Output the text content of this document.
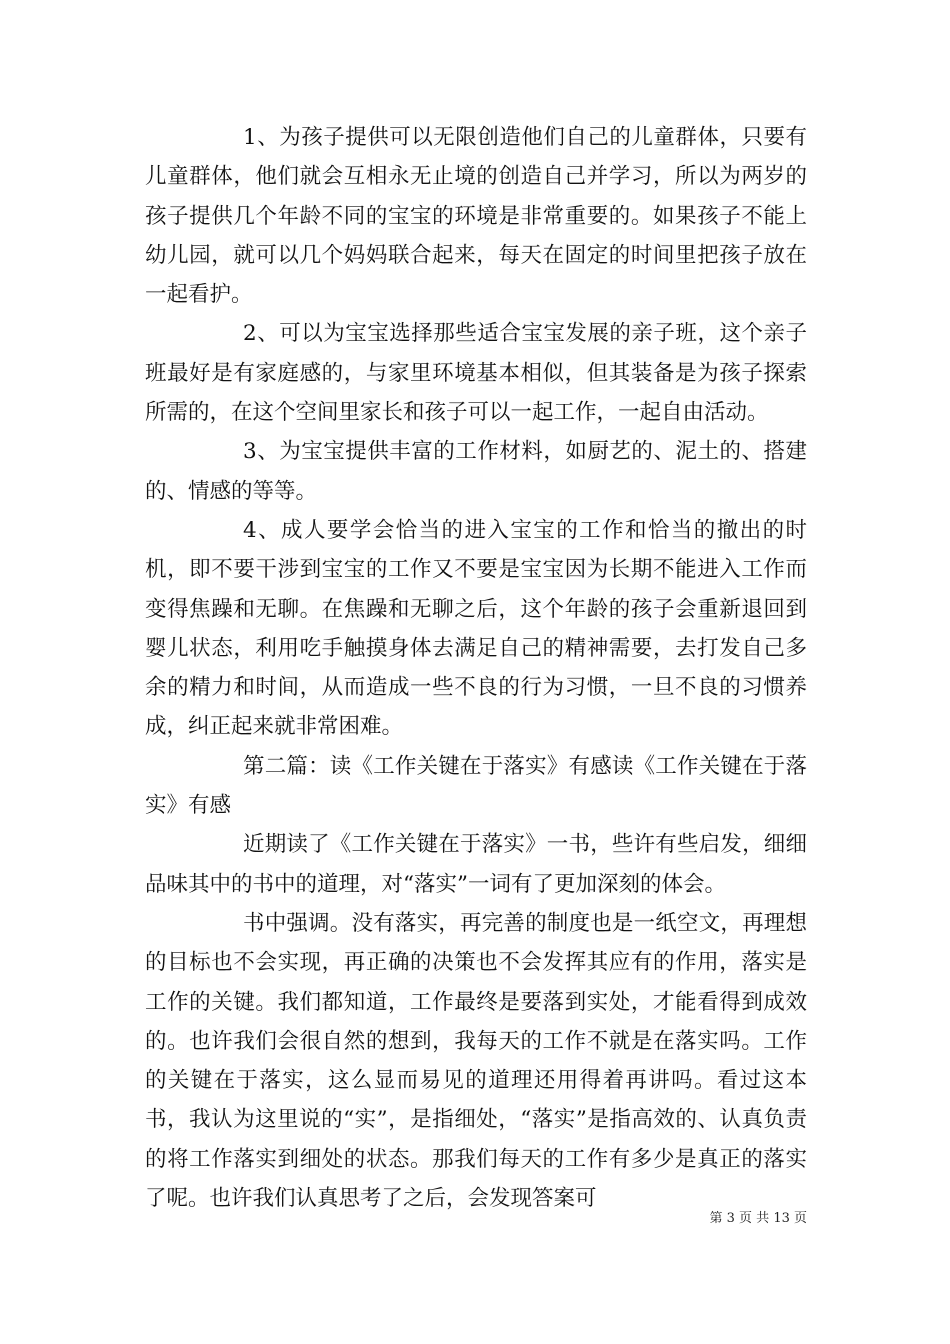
1、为孩子提供可以无限创造他们自己的儿童群体，只要有儿童群体，他们就会互相永无止境的创造自己并学习，所以为两岁的孩子提供几个年龄不同的宝宝的环境是非常重要的。如果孩子不能上幼儿园，就可以几个妈妈联合起来，每天在固定的时间里把孩子放在一起看护。

2、可以为宝宝选择那些适合宝宝发展的亲子班，这个亲子班最好是有家庭感的，与家里环境基本相似，但其装备是为孩子探索所需的，在这个空间里家长和孩子可以一起工作，一起自由活动。

3、为宝宝提供丰富的工作材料，如厨艺的、泥土的、搭建的、情感的等等。

4、成人要学会恰当的进入宝宝的工作和恰当的撤出的时机，即不要干涉到宝宝的工作又不要是宝宝因为长期不能进入工作而变得焦躁和无聊。在焦躁和无聊之后，这个年龄的孩子会重新退回到婴儿状态，利用吃手触摸身体去满足自己的精神需要，去打发自己多余的精力和时间，从而造成一些不良的行为习惯，一旦不良的习惯养成，纠正起来就非常困难。

第二篇：读《工作关键在于落实》有感读《工作关键在于落实》有感

近期读了《工作关键在于落实》一书，些许有些启发，细细品味其中的书中的道理，对“落实”一词有了更加深刻的体会。

书中强调。没有落实，再完善的制度也是一纸空文，再理想的目标也不会实现，再正确的决策也不会发挥其应有的作用，落实是工作的关键。我们都知道，工作最终是要落到实处，才能看得到成效的。也许我们会很自然的想到，我每天的工作不就是在落实吗。工作的关键在于落实，这么显而易见的道理还用得着再讲吗。看过这本书，我认为这里说的“实”，是指细处，“落实”是指高效的、认真负责的将工作落实到细处的状态。那我们每天的工作有多少是真正的落实了呢。也许我们认真思考了之后，会发现答案可

第 3 页 共 13 页
